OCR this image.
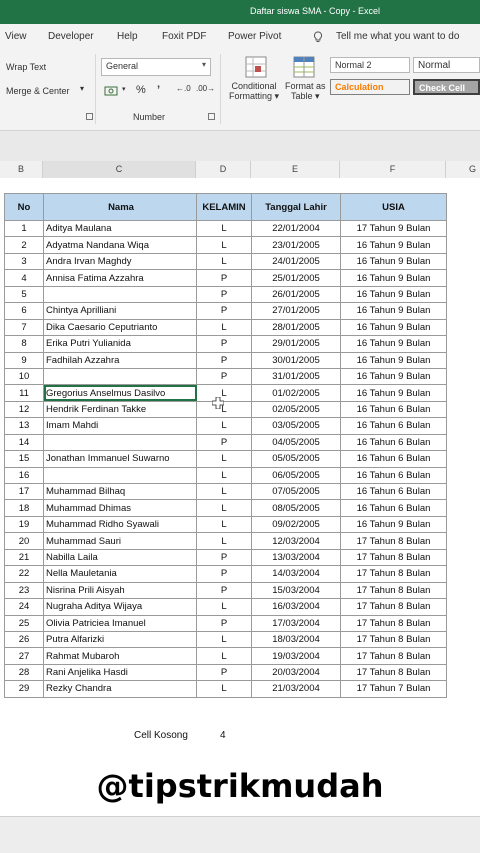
Daftar siswa SMA - Copy - Excel
View Developer Help Foxit PDF Power Pivot	Tell me what you want to do
Wrap Text
Merge & Center ▾
General	▾
▾ % ’ ←.0 .00→
Number
Conditional
Formatting ▾
Format as
Table ▾
Normal 2	Normal
Calculation	Check Cell
B	C	D	E	F	G
No	Nama	KELAMIN	Tanggal Lahir	USIA
1	Aditya Maulana	L	22/01/2004	17 Tahun 9 Bulan
2	Adyatma Nandana Wiqa	L	23/01/2005	16 Tahun 9 Bulan
3	Andra Irvan Maghdy	L	24/01/2005	16 Tahun 9 Bulan
4	Annisa Fatima Azzahra	P	25/01/2005	16 Tahun 9 Bulan
5		P	26/01/2005	16 Tahun 9 Bulan
6	Chintya Aprilliani	P	27/01/2005	16 Tahun 9 Bulan
7	Dika Caesario Ceputrianto	L	28/01/2005	16 Tahun 9 Bulan
8	Erika Putri Yulianida	P	29/01/2005	16 Tahun 9 Bulan
9	Fadhilah Azzahra	P	30/01/2005	16 Tahun 9 Bulan
10		P	31/01/2005	16 Tahun 9 Bulan
11	Gregorius Anselmus Dasilvo	L	01/02/2005	16 Tahun 9 Bulan
12	Hendrik Ferdinan Takke	L	02/05/2005	16 Tahun 6 Bulan
13	Imam Mahdi	L	03/05/2005	16 Tahun 6 Bulan
14		P	04/05/2005	16 Tahun 6 Bulan
15	Jonathan Immanuel Suwarno	L	05/05/2005	16 Tahun 6 Bulan
16		L	06/05/2005	16 Tahun 6 Bulan
17	Muhammad Bilhaq	L	07/05/2005	16 Tahun 6 Bulan
18	Muhammad Dhimas	L	08/05/2005	16 Tahun 6 Bulan
19	Muhammad Ridho Syawali	L	09/02/2005	16 Tahun 9 Bulan
20	Muhammad Sauri	L	12/03/2004	17 Tahun 8 Bulan
21	Nabilla Laila	P	13/03/2004	17 Tahun 8 Bulan
22	Nella Mauletania	P	14/03/2004	17 Tahun 8 Bulan
23	Nisrina Prili Aisyah	P	15/03/2004	17 Tahun 8 Bulan
24	Nugraha Aditya Wijaya	L	16/03/2004	17 Tahun 8 Bulan
25	Olivia Patriciea Imanuel	P	17/03/2004	17 Tahun 8 Bulan
26	Putra Alfarizki	L	18/03/2004	17 Tahun 8 Bulan
27	Rahmat Mubaroh	L	19/03/2004	17 Tahun 8 Bulan
28	Rani Anjelika Hasdi	P	20/03/2004	17 Tahun 8 Bulan
29	Rezky Chandra	L	21/03/2004	17 Tahun 7 Bulan
Cell Kosong	4
@tipstrikmudah
